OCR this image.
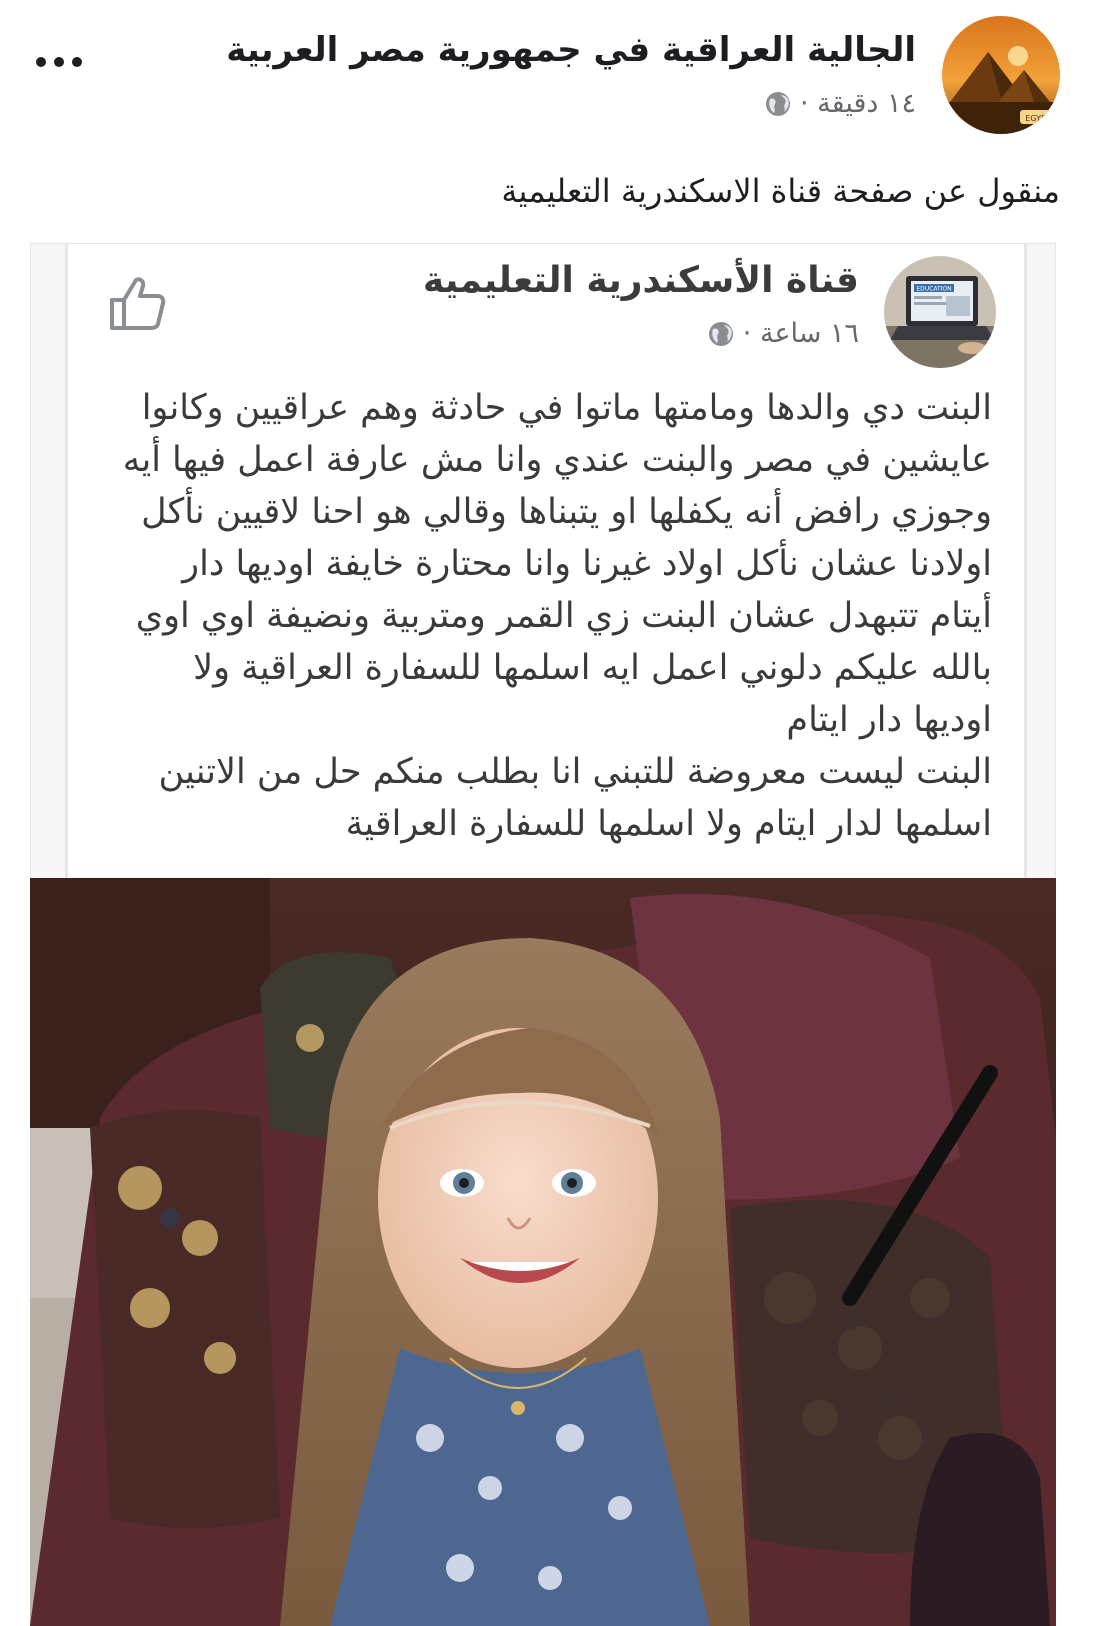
EGYPT
الجالية العراقية في جمهورية مصر العربية
١٤ دقيقة ·
منقول عن صفحة قناة الاسكندرية التعليمية
EDUCATION
قناة الأسكندرية التعليمية
١٦ ساعة ·

البنت دي والدها ومامتها ماتوا في حادثة وهم عراقيين وكانوا

عايشين في مصر والبنت عندي وانا مش عارفة اعمل فيها أيه

وجوزي رافض أنه يكفلها او يتبناها وقالي هو احنا لاقيين نأكل

اولادنا عشان نأكل اولاد غيرنا وانا محتارة خايفة اوديها دار

أيتام تتبهدل عشان البنت زي القمر ومتربية ونضيفة اوي اوي

بالله عليكم دلوني اعمل ايه اسلمها للسفارة العراقية ولا

اوديها دار ايتام

البنت ليست معروضة للتبني انا بطلب منكم حل من الاتنين

اسلمها لدار ايتام ولا اسلمها للسفارة العراقية
